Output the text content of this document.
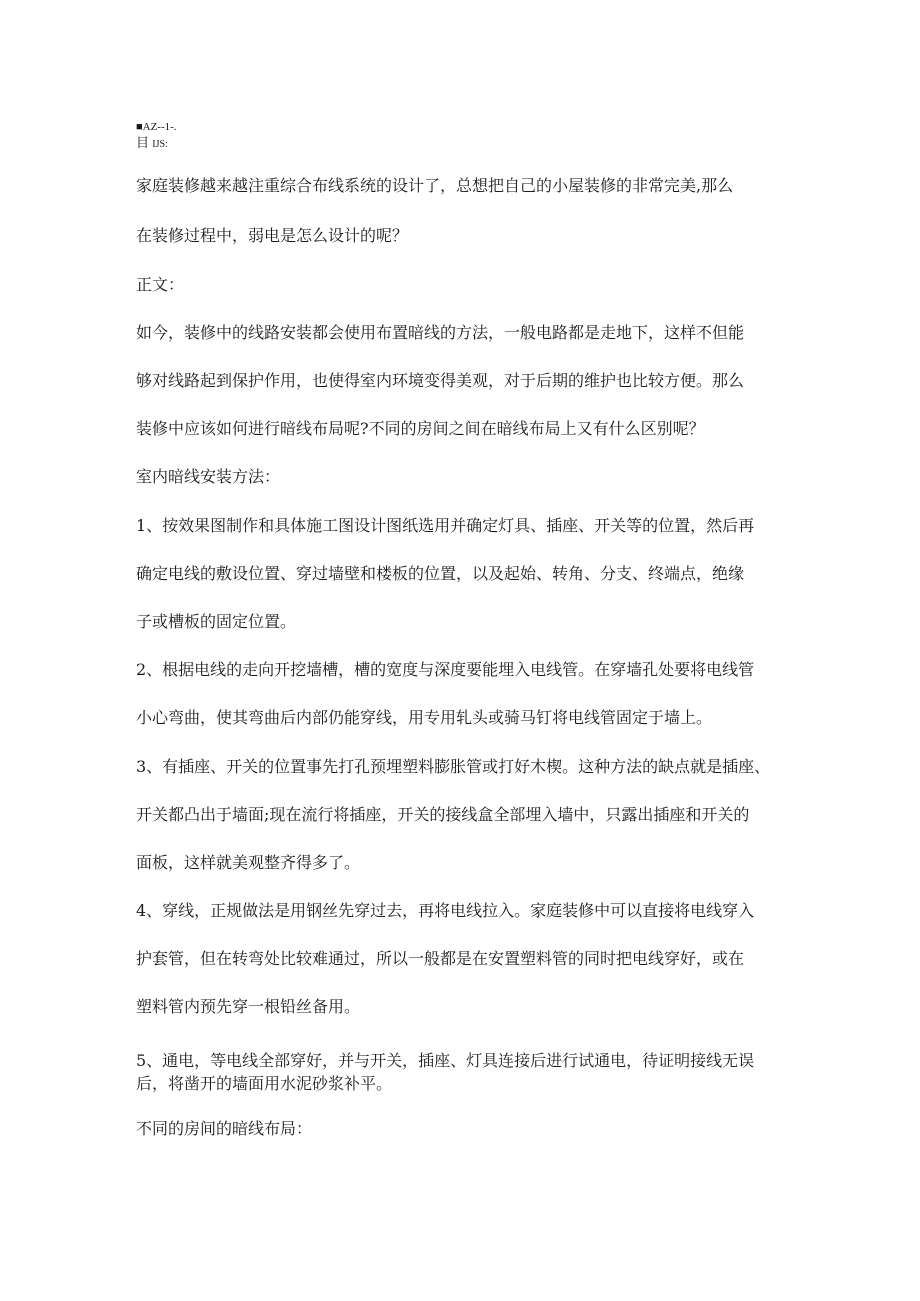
■AZ--1-.
目 IJS:
家庭装修越来越注重综合布线系统的设计了，总想把自己的小屋装修的非常完美,那么
在装修过程中，弱电是怎么设计的呢？
正文：
如今，装修中的线路安装都会使用布置暗线的方法，一般电路都是走地下，这样不但能
够对线路起到保护作用，也使得室内环境变得美观，对于后期的维护也比较方便。那么
装修中应该如何进行暗线布局呢?不同的房间之间在暗线布局上又有什么区别呢？
室内暗线安装方法：
1、按效果图制作和具体施工图设计图纸选用并确定灯具、插座、开关等的位置，然后再
确定电线的敷设位置、穿过墙壁和楼板的位置，以及起始、转角、分支、终端点，绝缘
子或槽板的固定位置。
2、根据电线的走向开挖墙槽，槽的宽度与深度要能埋入电线管。在穿墙孔处要将电线管
小心弯曲，使其弯曲后内部仍能穿线，用专用轧头或骑马钉将电线管固定于墙上。
3、有插座、开关的位置事先打孔预埋塑料膨胀管或打好木楔。这种方法的缺点就是插座、
开关都凸出于墙面;现在流行将插座，开关的接线盒全部埋入墙中，只露出插座和开关的
面板，这样就美观整齐得多了。
4、穿线，正规做法是用钢丝先穿过去，再将电线拉入。家庭装修中可以直接将电线穿入
护套管，但在转弯处比较难通过，所以一般都是在安置塑料管的同时把电线穿好，或在
塑料管内预先穿一根铅丝备用。
5、通电，等电线全部穿好，并与开关，插座、灯具连接后进行试通电，待证明接线无误
后，将凿开的墙面用水泥砂浆补平。
不同的房间的暗线布局：
